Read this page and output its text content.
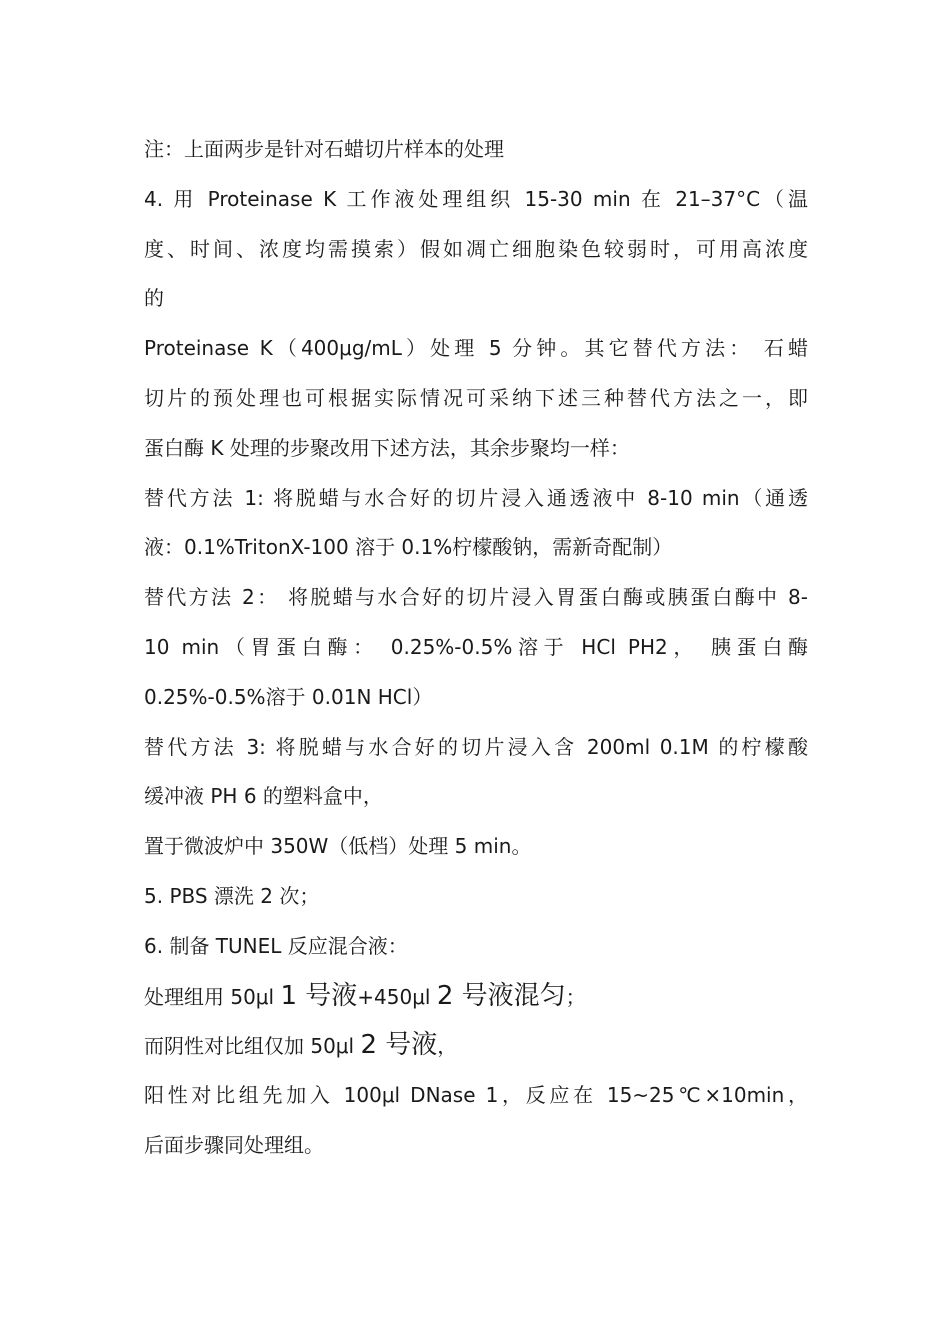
注：上面两步是针对石蜡切片样本的处理
4. 用 Proteinase K 工作液处理组织 15-30 min 在 21–37°C（温
度、时间、浓度均需摸索）假如凋亡细胞染色较弱时，可用高浓度
的
Proteinase K（400μg/mL）处理 5 分钟。其它替代方法： 石蜡
切片的预处理也可根据实际情况可采纳下述三种替代方法之一，即
蛋白酶 K 处理的步聚改用下述方法，其余步聚均一样：
替代方法 1: 将脱蜡与水合好的切片浸入通透液中 8-10 min（通透
液：0.1%TritonX-100 溶于 0.1%柠檬酸钠，需新奇配制）
替代方法 2： 将脱蜡与水合好的切片浸入胃蛋白酶或胰蛋白酶中 8-
10 min（胃蛋白酶： 0.25%-0.5%溶于 HCl PH2， 胰蛋白酶
0.25%-0.5%溶于 0.01N HCl）
替代方法 3: 将脱蜡与水合好的切片浸入含 200ml 0.1M 的柠檬酸
缓冲液 PH 6 的塑料盒中，
置于微波炉中 350W（低档）处理 5 min。
5. PBS 漂洗 2 次；
6. 制备 TUNEL 反应混合液：
处理组用 50μl 1 号液+450μl 2 号液混匀；
而阴性对比组仅加 50μl 2 号液，
阳性对比组先加入 100μl DNase 1，反应在 15~25℃×10min，
后面步骤同处理组。
